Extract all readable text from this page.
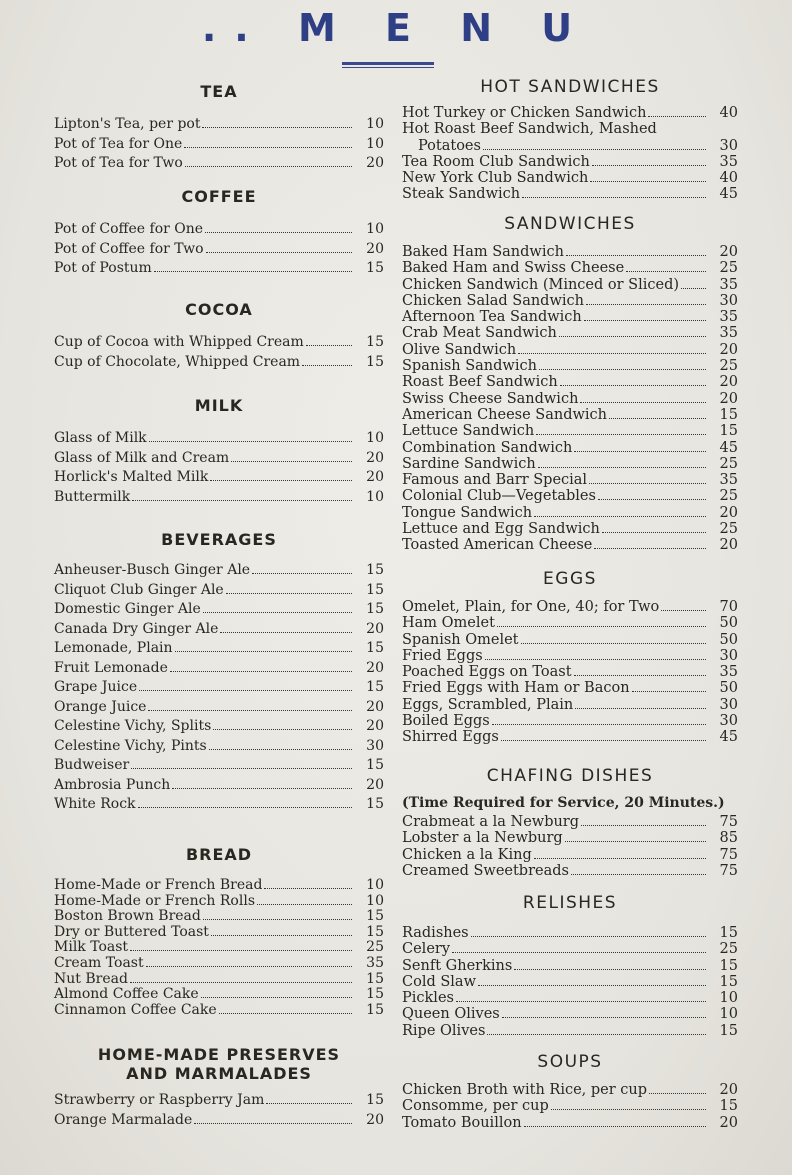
.. M E N U
TEA
Lipton's Tea, per pot	10
Pot of Tea for One	10
Pot of Tea for Two	20
COFFEE
Pot of Coffee for One	10
Pot of Coffee for Two	20
Pot of Postum	15
COCOA
Cup of Cocoa with Whipped Cream	15
Cup of Chocolate, Whipped Cream	15
MILK
Glass of Milk	10
Glass of Milk and Cream	20
Horlick's Malted Milk	20
Buttermilk	10
BEVERAGES
Anheuser-Busch Ginger Ale	15
Cliquot Club Ginger Ale	15
Domestic Ginger Ale	15
Canada Dry Ginger Ale	20
Lemonade, Plain	15
Fruit Lemonade	20
Grape Juice	15
Orange Juice	20
Celestine Vichy, Splits	20
Celestine Vichy, Pints	30
Budweiser	15
Ambrosia Punch	20
White Rock	15
BREAD
Home-Made or French Bread	10
Home-Made or French Rolls	10
Boston Brown Bread	15
Dry or Buttered Toast	15
Milk Toast	25
Cream Toast	35
Nut Bread	15
Almond Coffee Cake	15
Cinnamon Coffee Cake	15
HOME-MADE PRESERVES
AND MARMALADES
Strawberry or Raspberry Jam	15
Orange Marmalade	20
HOT SANDWICHES
Hot Turkey or Chicken Sandwich	40
Hot Roast Beef Sandwich, Mashed
Potatoes	30
Tea Room Club Sandwich	35
New York Club Sandwich	40
Steak Sandwich	45
SANDWICHES
Baked Ham Sandwich	20
Baked Ham and Swiss Cheese	25
Chicken Sandwich (Minced or Sliced)	35
Chicken Salad Sandwich	30
Afternoon Tea Sandwich	35
Crab Meat Sandwich	35
Olive Sandwich	20
Spanish Sandwich	25
Roast Beef Sandwich	20
Swiss Cheese Sandwich	20
American Cheese Sandwich	15
Lettuce Sandwich	15
Combination Sandwich	45
Sardine Sandwich	25
Famous and Barr Special	35
Colonial Club—Vegetables	25
Tongue Sandwich	20
Lettuce and Egg Sandwich	25
Toasted American Cheese	20
EGGS
Omelet, Plain, for One, 40; for Two	70
Ham Omelet	50
Spanish Omelet	50
Fried Eggs	30
Poached Eggs on Toast	35
Fried Eggs with Ham or Bacon	50
Eggs, Scrambled, Plain	30
Boiled Eggs	30
Shirred Eggs	45
CHAFING DISHES
(Time Required for Service, 20 Minutes.)
Crabmeat a la Newburg	75
Lobster a la Newburg	85
Chicken a la King	75
Creamed Sweetbreads	75
RELISHES
Radishes	15
Celery	25
Senft Gherkins	15
Cold Slaw	15
Pickles	10
Queen Olives	10
Ripe Olives	15
SOUPS
Chicken Broth with Rice, per cup	20
Consomme, per cup	15
Tomato Bouillon	20
